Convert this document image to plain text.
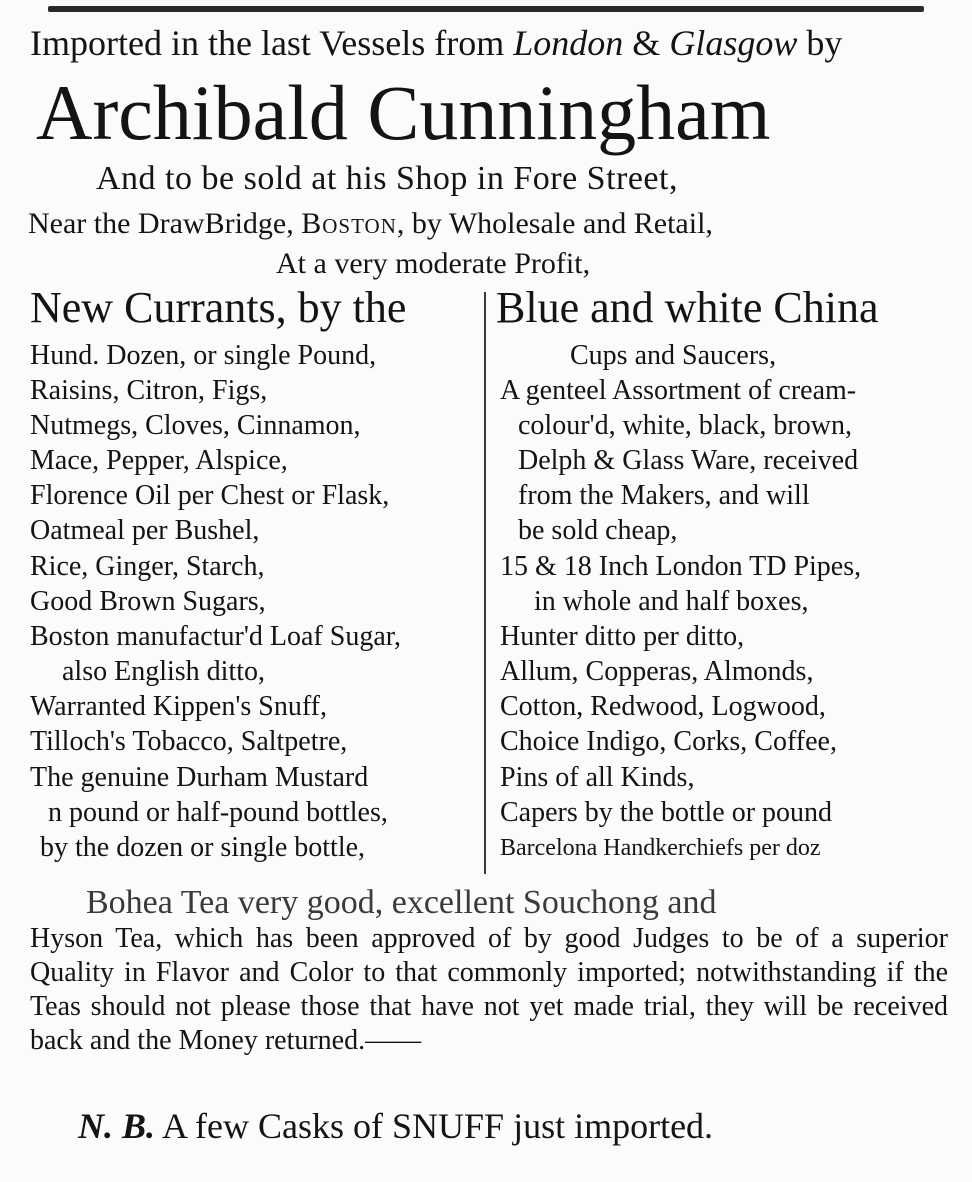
Imported in the last Vessels from London & Glasgow by
Archibald Cunningham
And to be sold at his Shop in Fore Street,
Near the DrawBridge, Boston, by Wholesale and Retail,
At a very moderate Profit,
New Currants, by the Blue and white China
Hund. Dozen, or single Pound,
Raisins, Citron, Figs,
Nutmegs, Cloves, Cinnamon,
Mace, Pepper, Alspice,
Florence Oil per Chest or Flask,
Oatmeal per Bushel,
Rice, Ginger, Starch,
Good Brown Sugars,
Boston manufactur'd Loaf Sugar,
also English ditto,
Warranted Kippen's Snuff,
Tilloch's Tobacco, Saltpetre,
The genuine Durham Mustard
n pound or half-pound bottles,
by the dozen or single bottle,
Cups and Saucers,
A genteel Assortment of cream-
colour'd, white, black, brown,
Delph & Glass Ware, received
from the Makers, and will
be sold cheap,
15 & 18 Inch London TD Pipes,
in whole and half boxes,
Hunter ditto per ditto,
Allum, Copperas, Almonds,
Cotton, Redwood, Logwood,
Choice Indigo, Corks, Coffee,
Pins of all Kinds,
Capers by the bottle or pound
Barcelona Handkerchiefs per doz
Bohea Tea very good, excellent Souchong and
Hyson Tea, which has been approved of by good Judges to be of a superior Quality in Flavor and Color to that commonly imported; notwithstanding if the Teas should not please those that have not yet made trial, they will be received back and the Money returned.——
N. B. A few Casks of SNUFF just imported.
